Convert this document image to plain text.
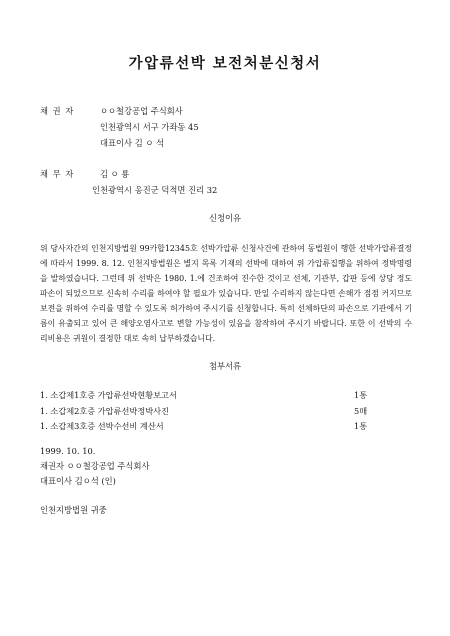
가압류선박 보전처분신청서
채 권 자	ㅇㅇ철강공업 주식회사
인천광역시 서구 가좌동 45
대표이사 김 ㅇ 석
채 무 자	김 ㅇ 룡
인천광역시 옹진군 덕적면 진리 32
신청이유
위 당사자간의 인천지방법원 99카합12345호 선박가압류 신청사건에 관하여 동법원이 행한 선박가압류결정에 따라서 1999. 8. 12. 인천지방법원은 별지 목록 기재의 선박에 대하여 위 가압류집행을 위하여 정박명령을 발하였습니다. 그런데 위 선박은 1980. 1.에 건조하여 진수한 것이고 선체, 기관부, 갑판 등에 상당 정도 파손이 되었으므로 신속히 수리를 하여야 할 필요가 있습니다. 만일 수리하지 않는다면 손해가 점점 커지므로 보전을 위하여 수리를 명할 수 있도록 허가하여 주시기를 신청합니다. 특히 선체하단의 파손으로 기관에서 기름이 유출되고 있어 큰 해양오염사고로 변할 가능성이 있음을 참작하여 주시기 바랍니다. 또한 이 선박의 수리비용은 귀원이 결정한 대로 속히 납부하겠습니다.
첨부서류
1. 소갑제1호증 가압류선박현황보고서	1통
1. 소갑제2호증 가압류선박정박사진	5매
1. 소갑제3호증 선박수선비 계산서	1통
1999. 10. 10.
채권자 ㅇㅇ철강공업 주식회사
대표이사 김ㅇ석 (인)
인천지방법원 귀중
